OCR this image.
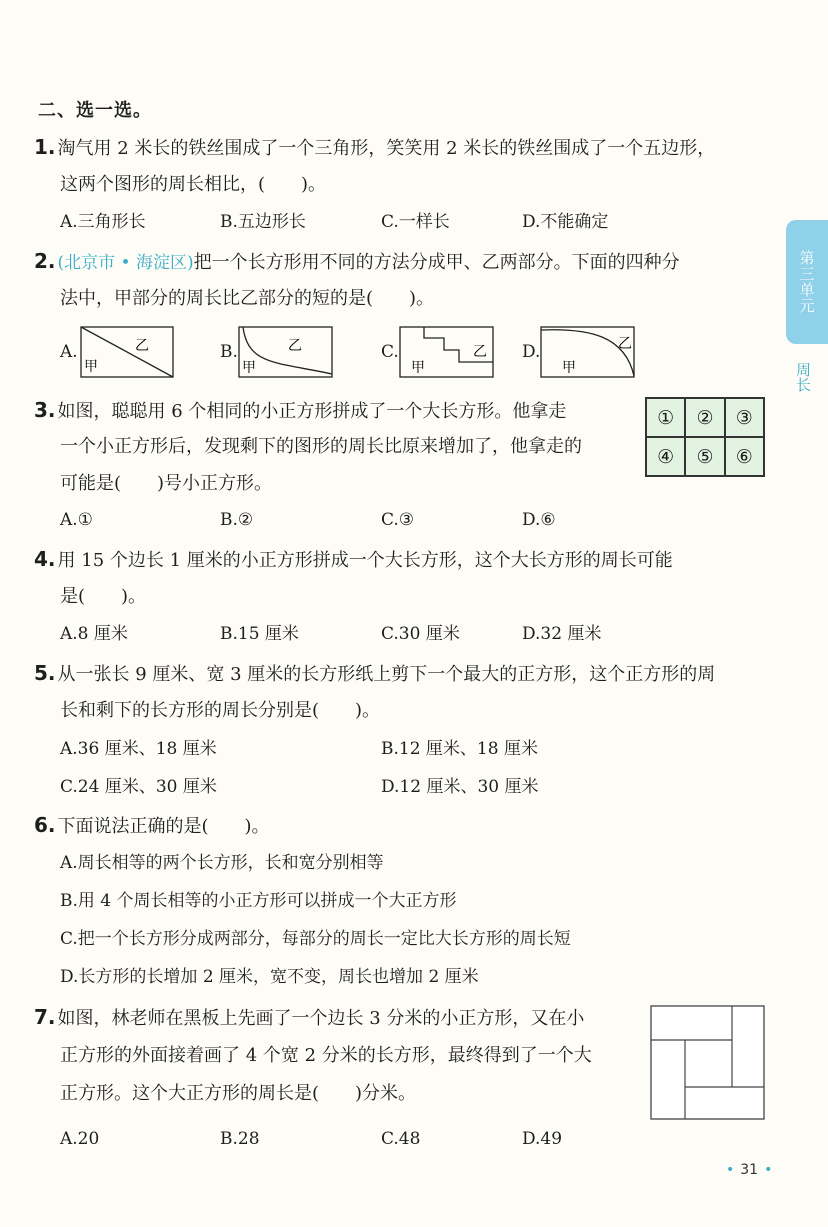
二、选一选。
第三单元
周长
1. 淘气用 2 米长的铁丝围成了一个三角形，笑笑用 2 米长的铁丝围成了一个五边形，
这两个图形的周长相比，(　　)。
A.三角形长	B.五边形长	C.一样长	D.不能确定
2. (北京市 • 海淀区)把一个长方形用不同的方法分成甲、乙两部分。下面的四种分
法中，甲部分的周长比乙部分的短的是(　　)。
A.
甲
乙	B.
甲
乙	C.
甲
乙 D.
甲
乙
3. 如图，聪聪用 6 个相同的小正方形拼成了一个大长方形。他拿走
一个小正方形后，发现剩下的图形的周长比原来增加了，他拿走的
可能是(　　)号小正方形。
①	②	③
④	⑤	⑥
A.①	B.②	C.③	D.⑥
4. 用 15 个边长 1 厘米的小正方形拼成一个大长方形，这个大长方形的周长可能
是(　　)。
A.8 厘米	B.15 厘米	C.30 厘米	D.32 厘米
5. 从一张长 9 厘米、宽 3 厘米的长方形纸上剪下一个最大的正方形，这个正方形的周
长和剩下的长方形的周长分别是(　　)。
A.36 厘米、18 厘米	B.12 厘米、18 厘米
C.24 厘米、30 厘米	D.12 厘米、30 厘米
6. 下面说法正确的是(　　)。
A.周长相等的两个长方形，长和宽分别相等
B.用 4 个周长相等的小正方形可以拼成一个大正方形
C.把一个长方形分成两部分，每部分的周长一定比大长方形的周长短
D.长方形的长增加 2 厘米，宽不变，周长也增加 2 厘米
7. 如图，林老师在黑板上先画了一个边长 3 分米的小正方形，又在小
正方形的外面接着画了 4 个宽 2 分米的长方形，最终得到了一个大
正方形。这个大正方形的周长是(　　)分米。
A.20	B.28	C.48	D.49
• 31 •
